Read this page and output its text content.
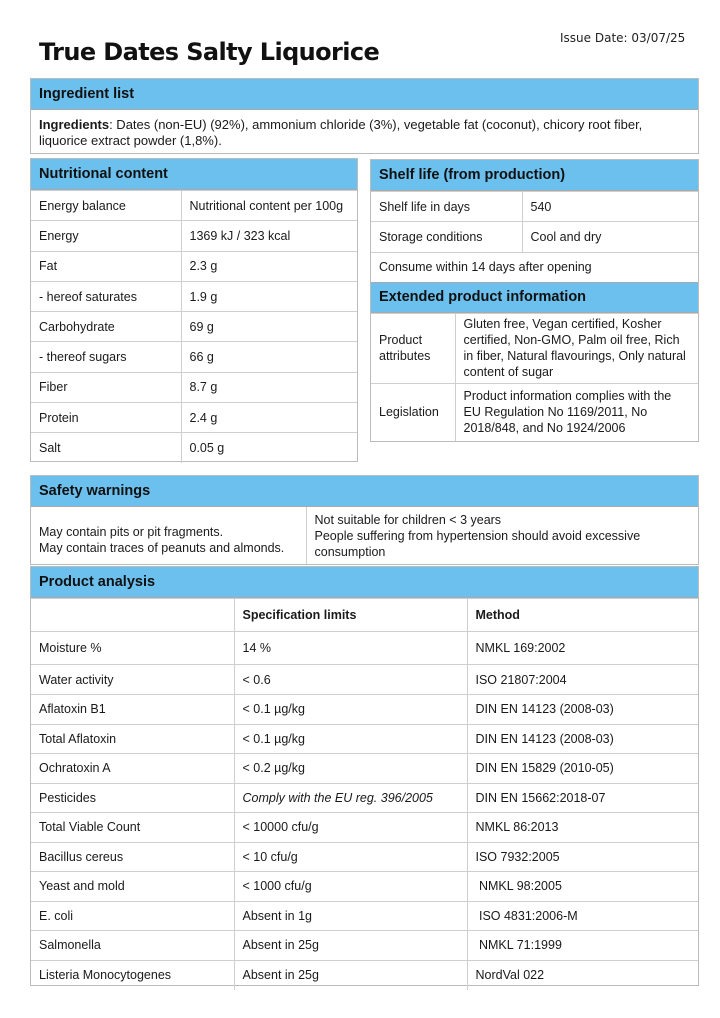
Issue Date: 03/07/25
True Dates Salty Liquorice
Ingredient list
Ingredients: Dates (non-EU) (92%), ammonium chloride (3%), vegetable fat (coconut), chicory root fiber, liquorice extract powder (1,8%).
Nutritional content
Energy balance	Nutritional content per 100g
Energy	1369 kJ / 323 kcal
Fat	2.3 g
- hereof saturates	1.9 g
Carbohydrate	69 g
- thereof sugars	66 g
Fiber	8.7 g
Protein	2.4 g
Salt	0.05 g
Shelf life (from production)
Shelf life in days	540
Storage conditions	Cool and dry
Consume within 14 days after opening
Extended product information
Product
attributes	Gluten free, Vegan certified, Kosher certified, Non-GMO, Palm oil free, Rich in fiber, Natural flavourings, Only natural content of sugar
Legislation	Product information complies with the EU Regulation No 1169/2011, No 2018/848, and No 1924/2006
Safety warnings
May contain pits or pit fragments.
May contain traces of peanuts and almonds.	Not suitable for children < 3 years
People suffering from hypertension should avoid excessive consumption
Product analysis
	Specification limits	Method
Moisture %	14 %	NMKL 169:2002
Water activity	< 0.6	ISO 21807:2004
Aflatoxin B1	< 0.1 µg/kg	DIN EN 14123 (2008-03)
Total Aflatoxin	< 0.1 µg/kg	DIN EN 14123 (2008-03)
Ochratoxin A	< 0.2 µg/kg	DIN EN 15829 (2010-05)
Pesticides	Comply with the EU reg. 396/2005	DIN EN 15662:2018-07
Total Viable Count	< 10000 cfu/g	NMKL 86:2013
Bacillus cereus	< 10 cfu/g	ISO 7932:2005
Yeast and mold	< 1000 cfu/g	NMKL 98:2005
E. coli	Absent in 1g	ISO 4831:2006-M
Salmonella	Absent in 25g	NMKL 71:1999
Listeria Monocytogenes	Absent in 25g	NordVal 022
